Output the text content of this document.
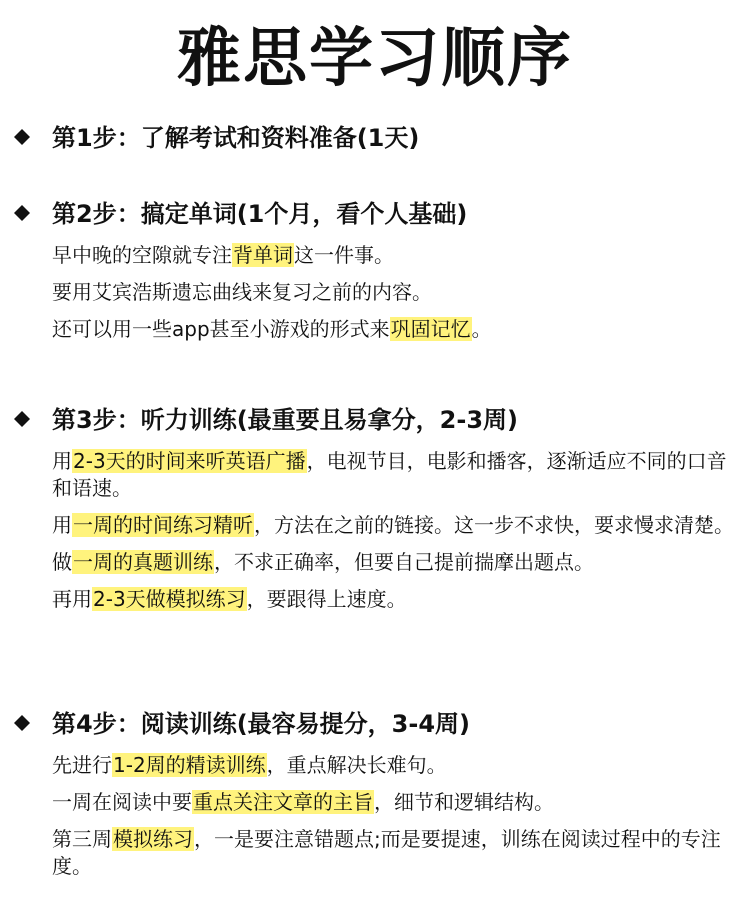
雅思学习顺序
第1步：了解考试和资料准备(1天)
第2步：搞定单词(1个月，看个人基础)
早中晚的空隙就专注背单词这一件事。
要用艾宾浩斯遗忘曲线来复习之前的内容。
还可以用一些app甚至小游戏的形式来巩固记忆。
第3步：听力训练(最重要且易拿分，2-3周)
用2-3天的时间来听英语广播，电视节目，电影和播客，逐渐适应不同的口音和语速。
用一周的时间练习精听，方法在之前的链接。这一步不求快，要求慢求清楚。
做一周的真题训练，不求正确率，但要自己提前揣摩出题点。
再用2-3天做模拟练习，要跟得上速度。
第4步：阅读训练(最容易提分，3-4周)
先进行1-2周的精读训练，重点解决长难句。
一周在阅读中要重点关注文章的主旨，细节和逻辑结构。
第三周模拟练习，一是要注意错题点;而是要提速，训练在阅读过程中的专注度。
